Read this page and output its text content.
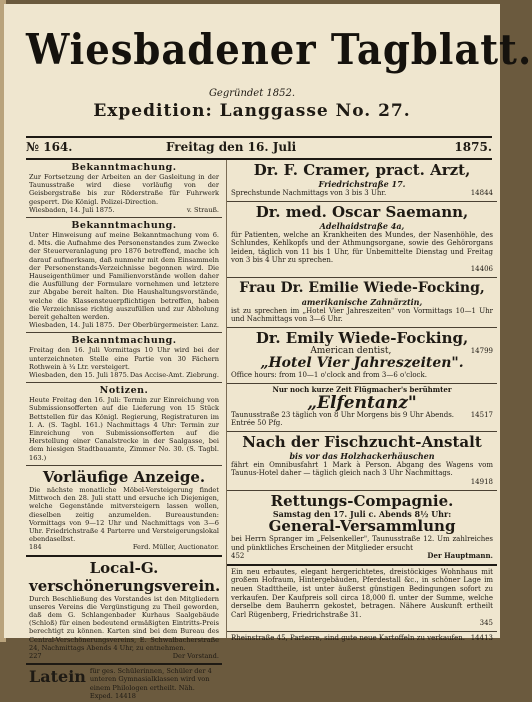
Wiesbadener Tagblatt.
Gegründet 1852.
Expedition: Langgasse No. 27.
№ 164.	Freitag den 16. Juli	1875.
Bekanntmachung.
Zur Fortsetzung der Arbeiten an der Gasleitung in der Taunusstraße wird diese vorläufig von der Geisbergstraße bis zur Röderstraße für Fuhrwerk gesperrt. Die Königl. Polizei-Direction.
Wiesbaden, 14. Juli 1875.	v. Strauß.
Bekanntmachung.
Unter Hinweisung auf meine Bekanntmachung vom 6. d. Mts. die Aufnahme des Personenstandes zum Zwecke der Steuerveranlagung pro 1876 betreffend, mache ich darauf aufmerksam, daß nunmehr mit dem Einsammeln der Personenstands-Verzeichnisse begonnen wird. Die Hauseigenthümer und Familienvorstände wollen daher die Ausfüllung der Formulare vornehmen und letztere zur Abgabe bereit halten. Die Haushaltungsvorstände, welche die Klassensteuerpflichtigen betreffen, haben die Verzeichnisse richtig auszufüllen und zur Abholung bereit gehalten werden.
Wiesbaden, 14. Juli 1875. Der Oberbürgermeister. Lanz.
Bekanntmachung.
Freitag den 16. Juli Vormittags 10 Uhr wird bei der unterzeichneten Stelle eine Partie von 30 Fächern Rothwein à ¼ Ltr. versteigert.
Wiesbaden, den 15. Juli 1875. Das Accise-Amt. Ziebrung.
Notizen.
Heute Freitag den 16. Juli: Termin zur Einreichung von Submissionsofferten auf die Lieferung von 15 Stück Bettstellen für das Königl. Regierung, Registraturen im I. A. (S. Tagbl. 161.) Nachmittags 4 Uhr: Termin zur Einreichung von Submissionsofferten auf die Herstellung einer Canalstrecke in der Saalgasse, bei dem hiesigen Stadtbauamte, Zimmer No. 30. (S. Tagbl. 163.)
Vorläufige Anzeige.
Die nächste monatliche Möbel-Versteigerung findet Mittwoch den 28. Juli statt und ersuche ich Diejenigen, welche Gegenstände mitversteigern lassen wollen, dieselben zeitig anzumelden. Bureaustunden: Vormittags von 9—12 Uhr und Nachmittags von 3—6 Uhr. Friedrichstraße 4 Parterre und Versteigerungslokal ebendaselbst.
184	Ferd. Müller, Auctionator.
Local-G. verschönerungsverein.
Durch Beschließung des Vorstandes ist den Mitgliedern unseres Vereins die Vergünstigung zu Theil geworden, daß dem G. Schlangenbader Kurhaus Saalgebäude (Schloß) für einen bedeutend ermäßigten Eintritts-Preis berechtigt zu können. Karten sind bei dem Bureau des Central-Verschönerungsvereins, E. Schwalbacherstraße 24, Nachmittags Abends 4 Uhr, zu entnehmen.
227	Der Vorstand.
Latein für ges. Schülerinnen, Schüler der 4 unteren Gymnasialklassen wird von einem Philologen ertheilt. Näh. Exped. 14418
Dr. F. Cramer, pract. Arzt,
Friedrichstraße 17.
Sprechstunde Nachmittags von 3 bis 3 Uhr.	14844
Dr. med. Oscar Saemann,
Adelhaidstraße 4a,
für Patienten, welche an Krankheiten des Mundes, der Nasenhöhle, des Schlundes, Kehlkopfs und der Athmungsorgane, sowie des Gehörorgans leiden, täglich von 11 bis 1 Uhr, für Unbemittelte Dienstag und Freitag von 3 bis 4 Uhr zu sprechen.
14406
Frau Dr. Emilie Wiede-Focking,
amerikanische Zahnärztin,
ist zu sprechen im „Hotel Vier Jahreszeiten" von Vormittags 10—1 Uhr und Nachmittags von 3—6 Uhr.
Dr. Emily Wiede-Focking,
American dentist,	14799
„Hotel Vier Jahreszeiten".
Office hours: from 10—1 o'clock and from 3—6 o'clock.
Nur noch kurze Zeit Flügmacher's berühmter
„Elfentanz"
Taunusstraße 23 täglich von 8 Uhr Morgens bis 9 Uhr Abends. Entrée 50 Pfg.
14517
Nach der Fischzucht-Anstalt
bis vor das Holzhackerhäuschen
fährt ein Omnibusfahrt 1 Mark à Person. Abgang des Wagens vom Taunus-Hotel daher — täglich gleich nach 3 Uhr Nachmittags.
14918
Rettungs-Compagnie.
Samstag den 17. Juli c. Abends 8½ Uhr:
General-Versammlung
bei Herrn Spranger im „Felsenkeller", Taunusstraße 12. Um zahlreiches und pünktliches Erscheinen der Mitglieder ersucht
452	Der Hauptmann.
Ein neu erbautes, elegant hergerichtetes, dreistöckiges Wohnhaus mit großem Hofraum, Hintergebäuden, Pferdestall &c., in schöner Lage im neuen Stadttheile, ist unter äußerst günstigen Bedingungen sofort zu verkaufen. Der Kaufpreis soll circa 18,000 fl. unter der Summe, welche derselbe dem Bauherrn gekostet, betragen. Nähere Auskunft ertheilt Carl Rügenberg, Friedrichstraße 31.
345
Rheinstraße 45, Parterre, sind gute neue Kartoffeln zu verkaufen. 14413
